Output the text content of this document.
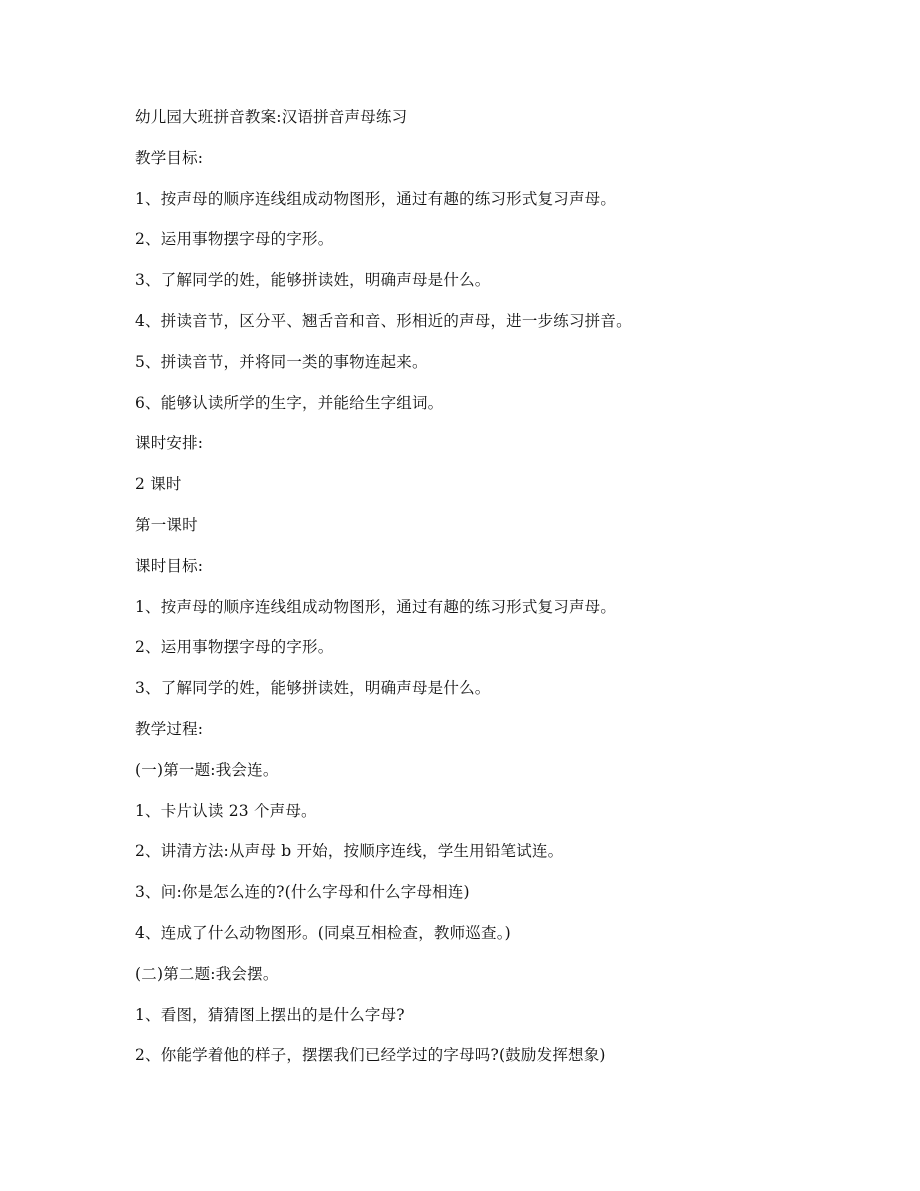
幼儿园大班拼音教案:汉语拼音声母练习
教学目标:
1、按声母的顺序连线组成动物图形，通过有趣的练习形式复习声母。
2、运用事物摆字母的字形。
3、了解同学的姓，能够拼读姓，明确声母是什么。
4、拼读音节，区分平、翘舌音和音、形相近的声母，进一步练习拼音。
5、拼读音节，并将同一类的事物连起来。
6、能够认读所学的生字，并能给生字组词。
课时安排:
2 课时
第一课时
课时目标:
1、按声母的顺序连线组成动物图形，通过有趣的练习形式复习声母。
2、运用事物摆字母的字形。
3、了解同学的姓，能够拼读姓，明确声母是什么。
教学过程:
(一)第一题:我会连。
1、卡片认读 23 个声母。
2、讲清方法:从声母 b 开始，按顺序连线，学生用铅笔试连。
3、问:你是怎么连的?(什么字母和什么字母相连)
4、连成了什么动物图形。(同桌互相检查，教师巡查。)
(二)第二题:我会摆。
1、看图，猜猜图上摆出的是什么字母?
2、你能学着他的样子，摆摆我们已经学过的字母吗?(鼓励发挥想象)
